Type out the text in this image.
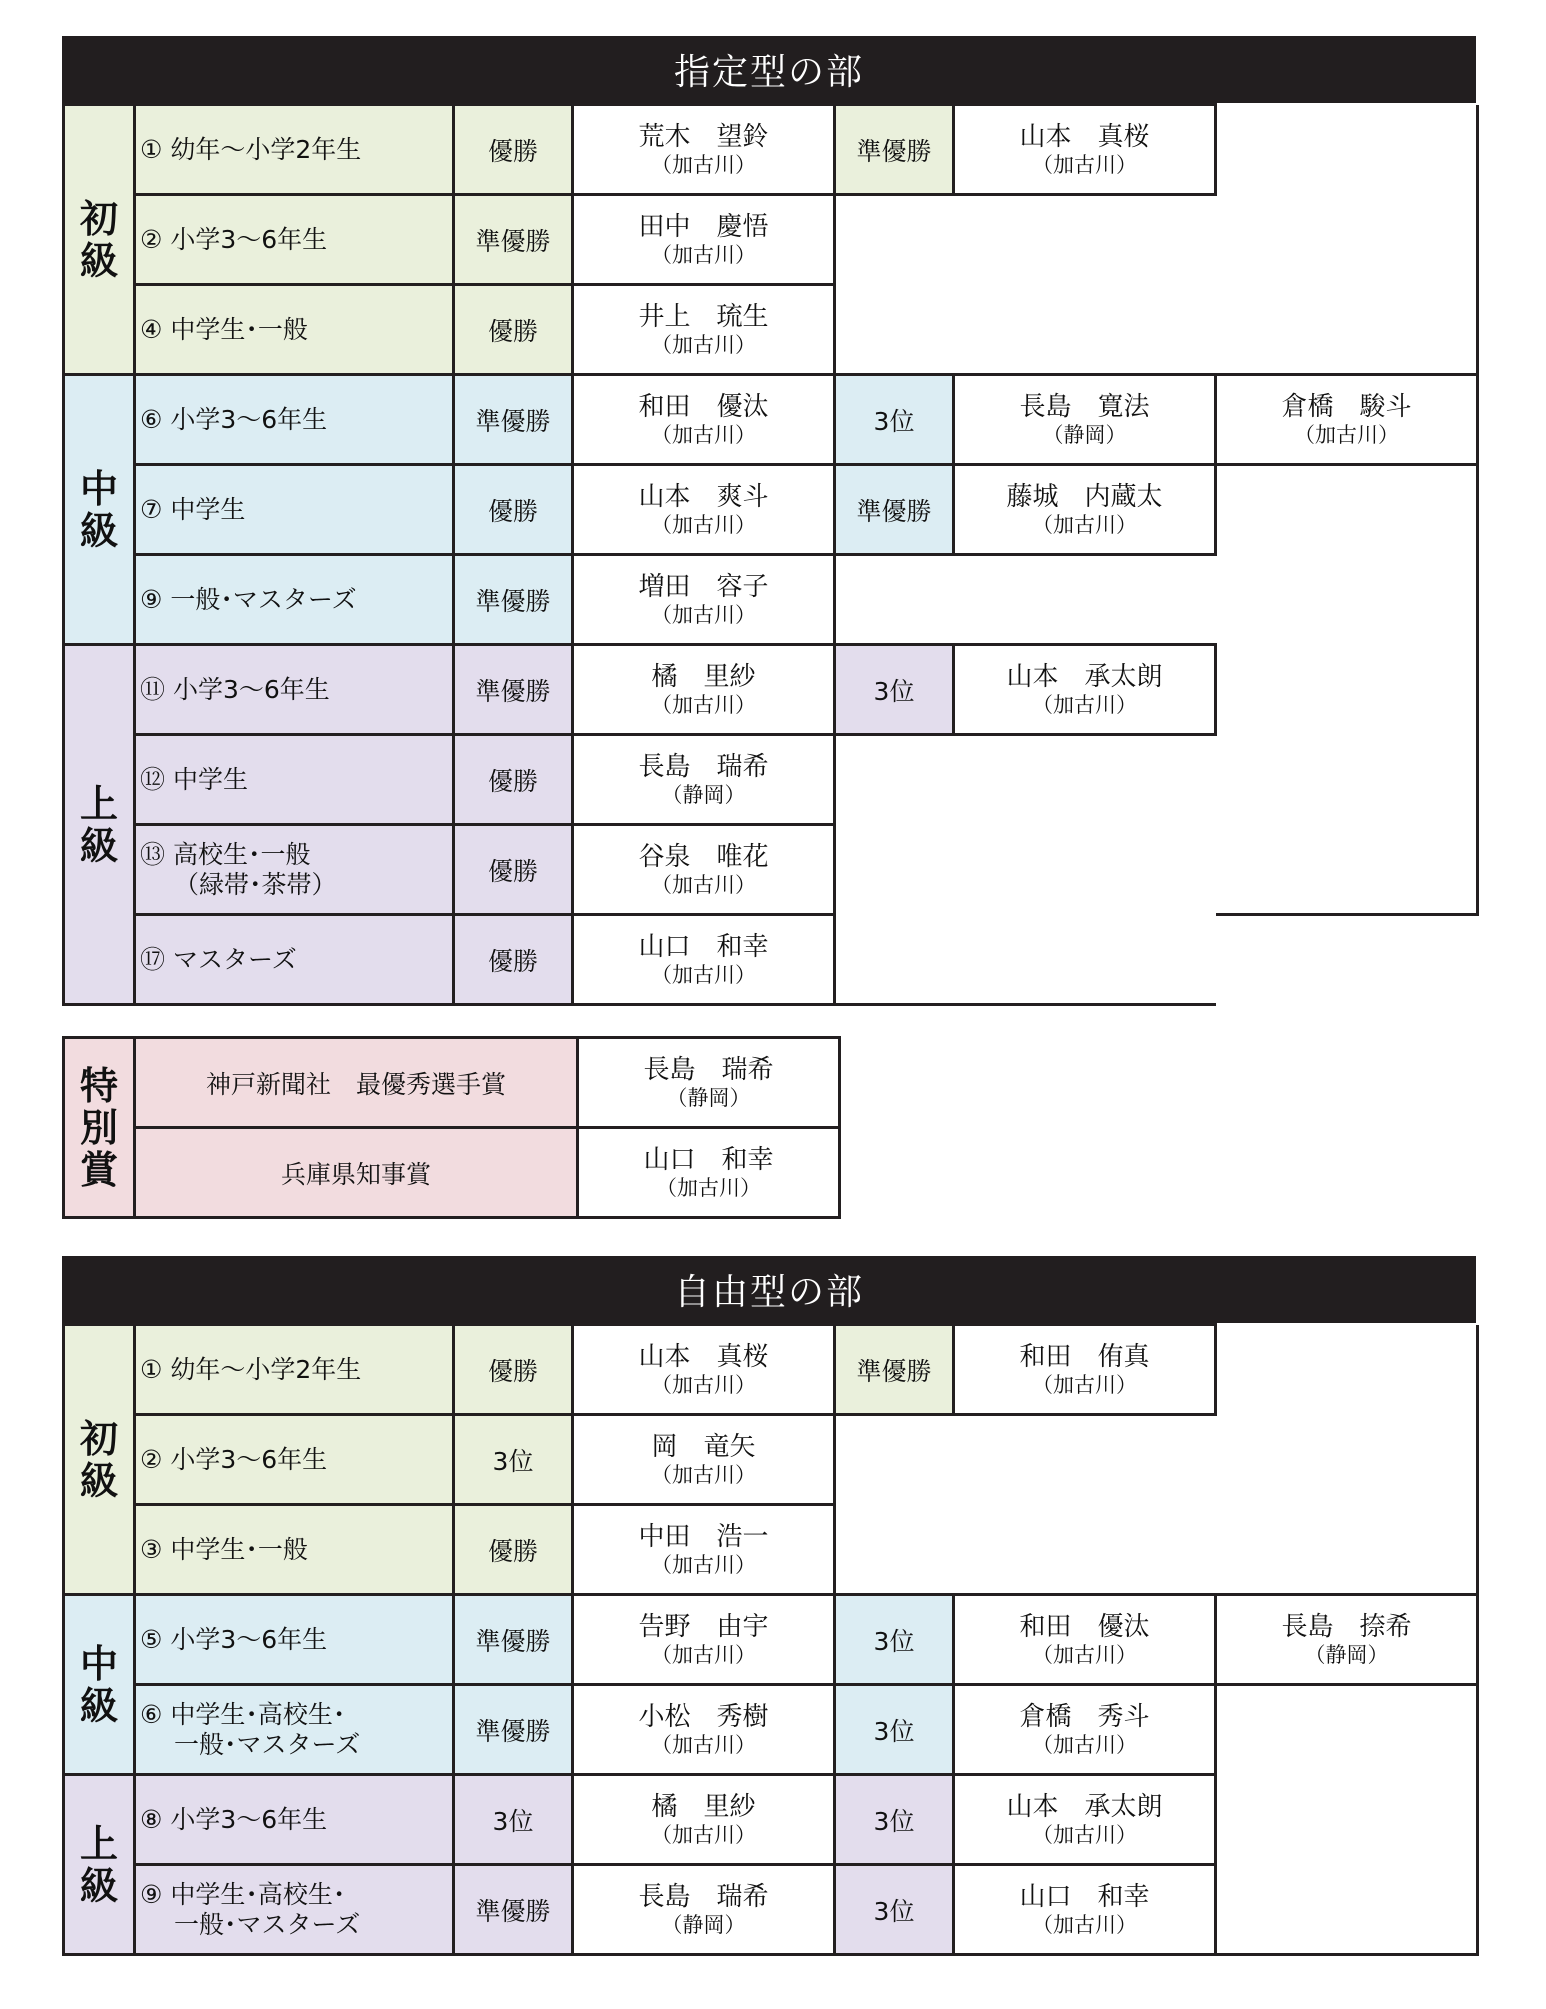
指定型の部
初
級	① 幼年～小学2年生	優勝	荒木　望鈴
（加古川）	準優勝	山本　真桜
（加古川）	

	② 小学3～6年生	準優勝	田中　慶悟
（加古川）			

	④ 中学生･一般	優勝	井上　琉生
（加古川）			

中
級	⑥ 小学3～6年生	準優勝	和田　優汰
（加古川）	3位	長島　寛法
（静岡）	倉橋　駿斗
（加古川）

	⑦ 中学生	優勝	山本　爽斗
（加古川）	準優勝	藤城　内蔵太
（加古川）	

	⑨ 一般･マスターズ	準優勝	増田　容子
（加古川）			

上
級	⑪ 小学3～6年生	準優勝	橘　里紗
（加古川）	3位	山本　承太朗
（加古川）	

	⑫ 中学生	優勝	長島　瑞希
（静岡）			

	⑬ 高校生･一般
（緑帯･茶帯）	優勝	谷泉　唯花
（加古川）			

	⑰ マスターズ	優勝	山口　和幸
（加古川）			
特
別
賞	神戸新聞社　最優秀選手賞	長島　瑞希
（静岡）

	兵庫県知事賞	山口　和幸
（加古川）
自由型の部
初
級	① 幼年～小学2年生	優勝	山本　真桜
（加古川）	準優勝	和田　侑真
（加古川）	

	② 小学3～6年生	3位	岡　竜矢
（加古川）			

	③ 中学生･一般	優勝	中田　浩一
（加古川）			

中
級	⑤ 小学3～6年生	準優勝	告野　由宇
（加古川）	3位	和田　優汰
（加古川）	長島　捺希
（静岡）

	⑥ 中学生･高校生･
一般･マスターズ	準優勝	小松　秀樹
（加古川）	3位	倉橋　秀斗
（加古川）	

上
級	⑧ 小学3～6年生	3位	橘　里紗
（加古川）	3位	山本　承太朗
（加古川）	

	⑨ 中学生･高校生･
一般･マスターズ	準優勝	長島　瑞希
（静岡）	3位	山口　和幸
（加古川）	
